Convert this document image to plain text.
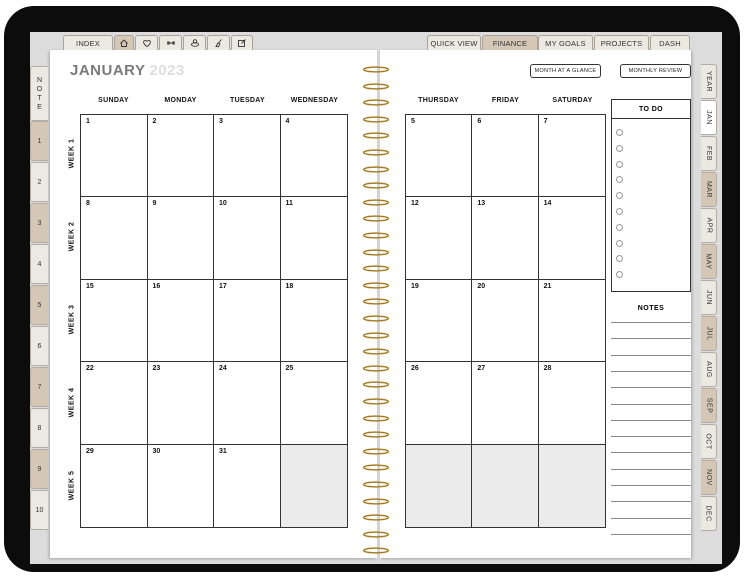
JANUARY 2023
SUNDAY	MONDAY	TUESDAY	WEDNESDAY
WEEK 1
WEEK 2
WEEK 3
WEEK 4
WEEK 5
1	2	3	4
8	9	10	11
15	16	17	18
22	23	24	25
29	30	31
MONTH AT A GLANCE	MONTHLY REVIEW
THURSDAY	FRIDAY	SATURDAY
5	6	7
12	13	14
19	20	21
26	27	28
TO DO
NOTES
INDEX	QUICK VIEW FINANCE MY GOALS PROJECTS DASH
N
O
T
E
1
2
3
4
5
6
7
8
9
10
YEAR
JAN
FEB
MAR
APR
MAY
JUN
JUL
AUG
SEP
OCT
NOV
DEC
